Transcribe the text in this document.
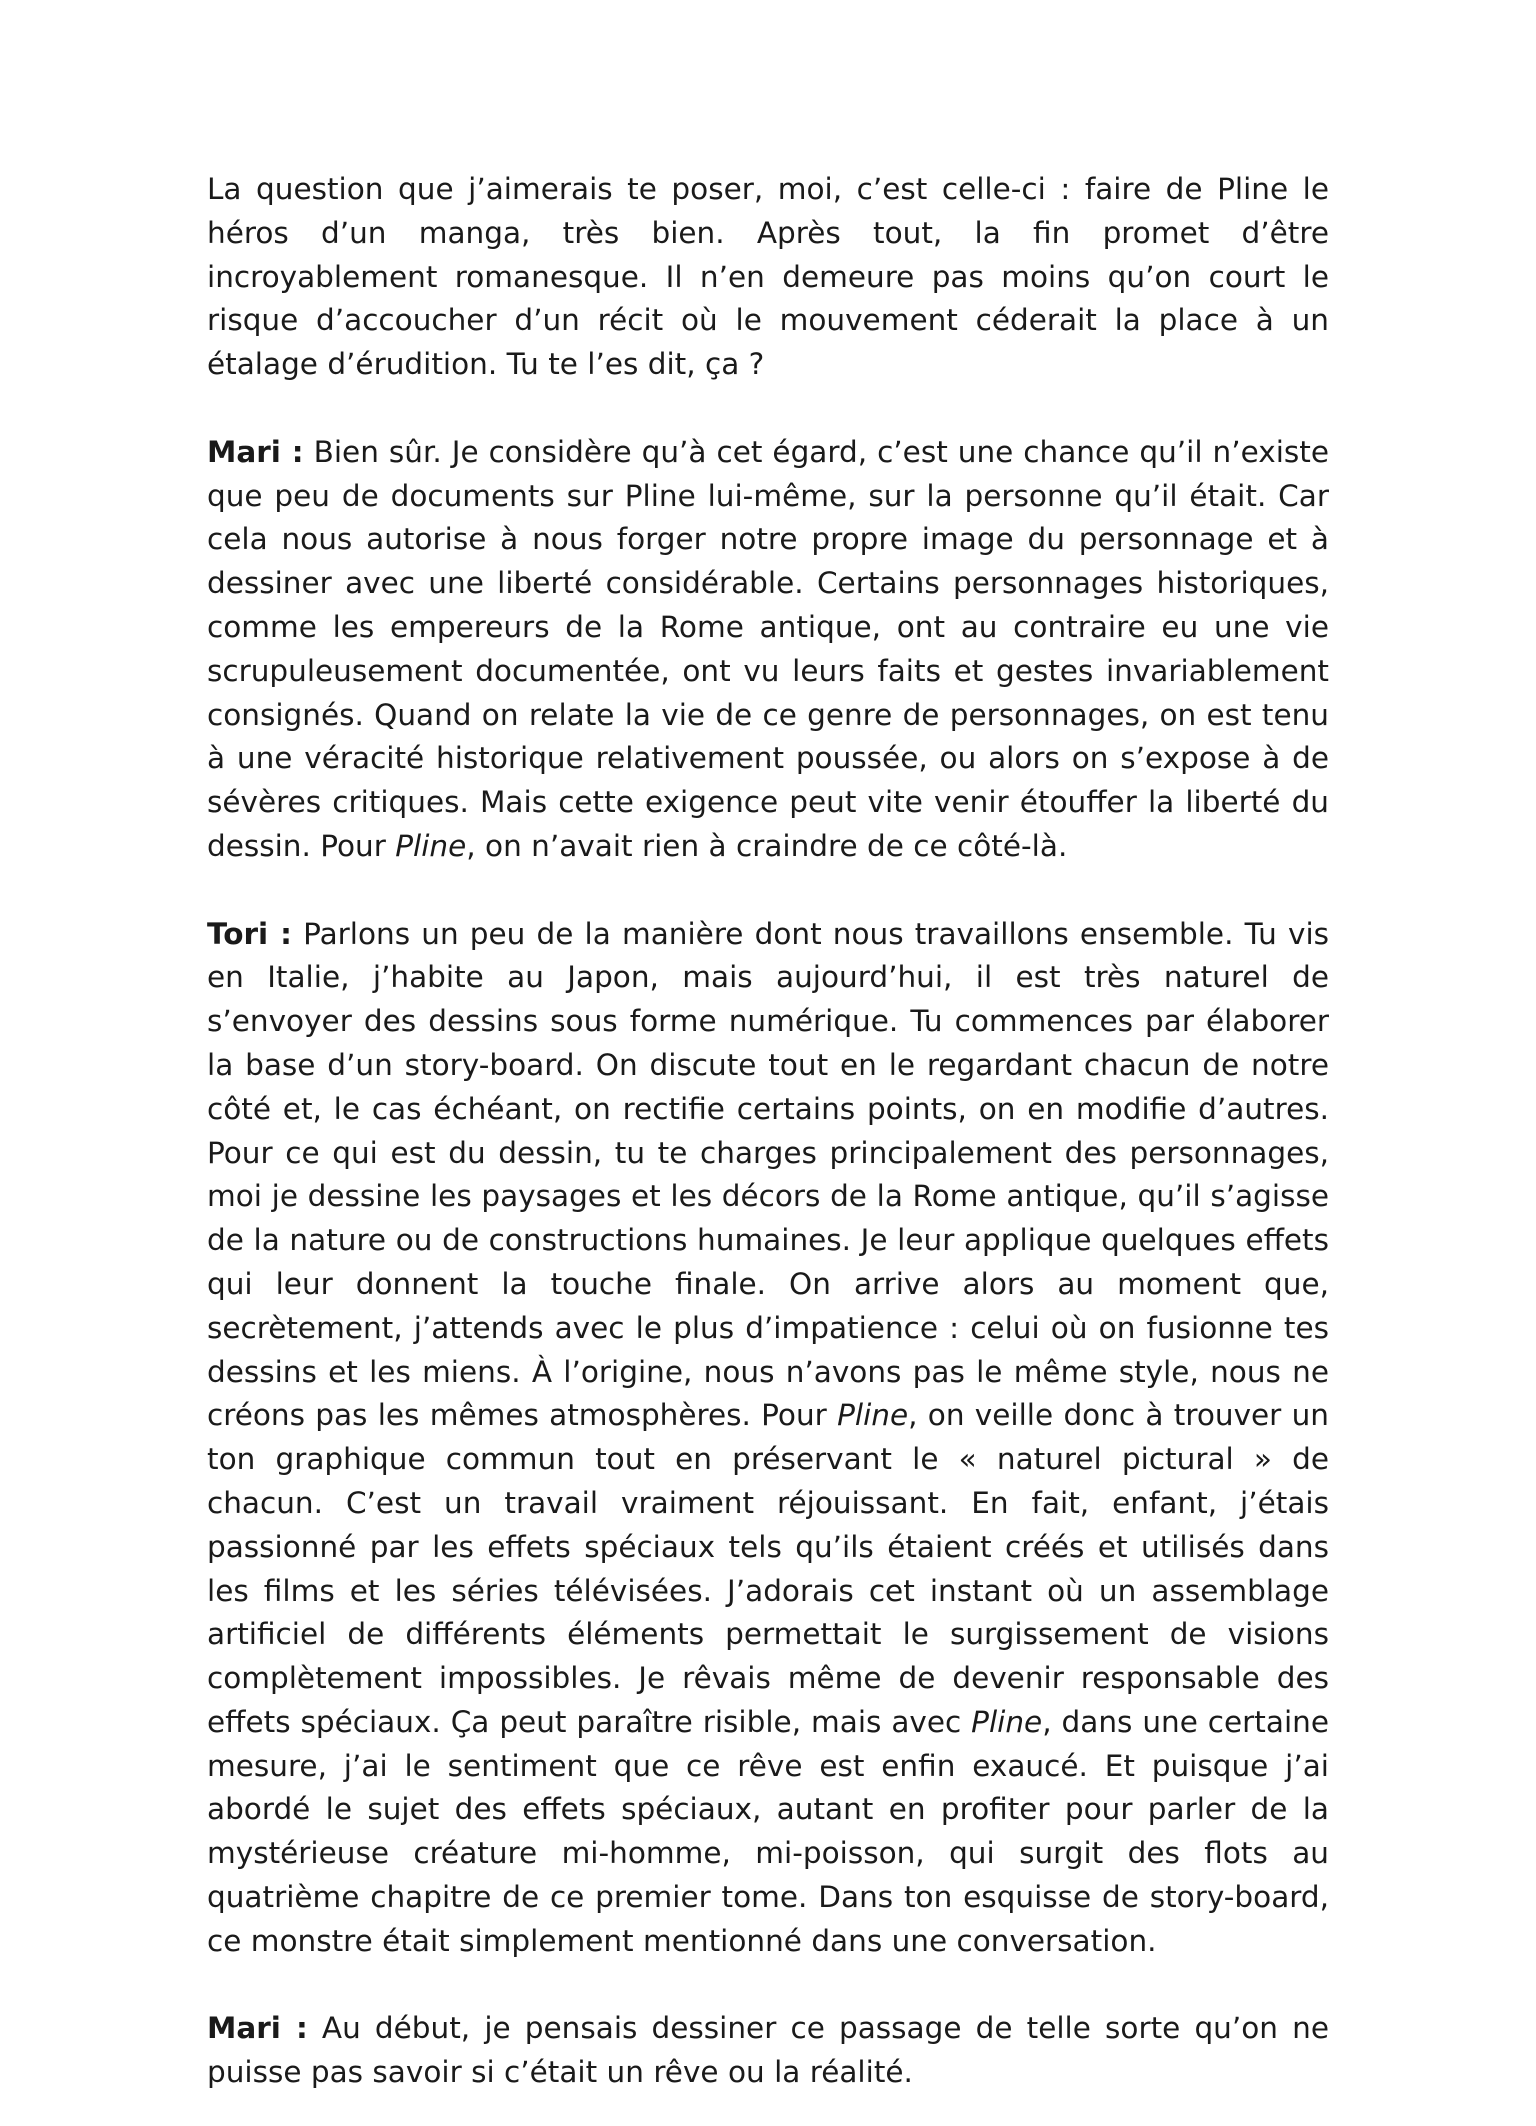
La question que j’aimerais te poser, moi, c’est celle-ci : faire de Pline le héros d’un manga, très bien. Après tout, la fin promet d’être incroyablement romanesque. Il n’en demeure pas moins qu’on court le risque d’accoucher d’un récit où le mouvement céderait la place à un étalage d’érudition. Tu te l’es dit, ça ?

Mari : Bien sûr. Je considère qu’à cet égard, c’est une chance qu’il n’existe que peu de documents sur Pline lui-même, sur la personne qu’il était. Car cela nous autorise à nous forger notre propre image du personnage et à dessiner avec une liberté considérable. Certains personnages historiques, comme les empereurs de la Rome antique, ont au contraire eu une vie scrupuleusement documentée, ont vu leurs faits et gestes invariablement consignés. Quand on relate la vie de ce genre de personnages, on est tenu à une véracité historique relativement poussée, ou alors on s’expose à de sévères critiques. Mais cette exigence peut vite venir étouffer la liberté du dessin. Pour Pline, on n’avait rien à craindre de ce côté-là.

Tori : Parlons un peu de la manière dont nous travaillons ensemble. Tu vis en Italie, j’habite au Japon, mais aujourd’hui, il est très naturel de s’envoyer des dessins sous forme numérique. Tu commences par élaborer la base d’un story-board. On discute tout en le regardant chacun de notre côté et, le cas échéant, on rectifie certains points, on en modifie d’autres. Pour ce qui est du dessin, tu te charges principalement des personnages, moi je dessine les paysages et les décors de la Rome antique, qu’il s’agisse de la nature ou de constructions humaines. Je leur applique quelques effets qui leur donnent la touche finale. On arrive alors au moment que, secrètement, j’attends avec le plus d’impatience : celui où on fusionne tes dessins et les miens. À l’origine, nous n’avons pas le même style, nous ne créons pas les mêmes atmosphères. Pour Pline, on veille donc à trouver un ton graphique commun tout en préservant le « naturel pictural » de chacun. C’est un travail vraiment réjouissant. En fait, enfant, j’étais passionné par les effets spéciaux tels qu’ils étaient créés et utilisés dans les films et les séries télévisées. J’adorais cet instant où un assemblage artificiel de différents éléments permettait le surgissement de visions complètement impossibles. Je rêvais même de devenir responsable des effets spéciaux. Ça peut paraître risible, mais avec Pline, dans une certaine mesure, j’ai le sentiment que ce rêve est enfin exaucé. Et puisque j’ai abordé le sujet des effets spéciaux, autant en profiter pour parler de la mystérieuse créature mi-homme, mi-poisson, qui surgit des flots au quatrième chapitre de ce premier tome. Dans ton esquisse de story-board, ce monstre était simplement mentionné dans une conversation.

Mari : Au début, je pensais dessiner ce passage de telle sorte qu’on ne puisse pas savoir si c’était un rêve ou la réalité.
